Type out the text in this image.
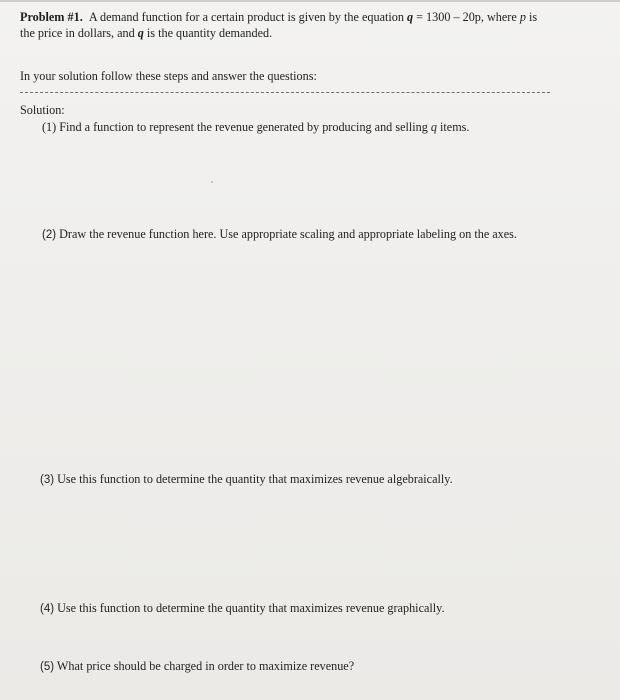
Problem #1. A demand function for a certain product is given by the equation q = 1300 – 20p, where p is
the price in dollars, and q is the quantity demanded.
In your solution follow these steps and answer the questions:
Solution:
(1) Find a function to represent the revenue generated by producing and selling q items.
(2) Draw the revenue function here. Use appropriate scaling and appropriate labeling on the axes.
(3) Use this function to determine the quantity that maximizes revenue algebraically.
(4) Use this function to determine the quantity that maximizes revenue graphically.
(5) What price should be charged in order to maximize revenue?
